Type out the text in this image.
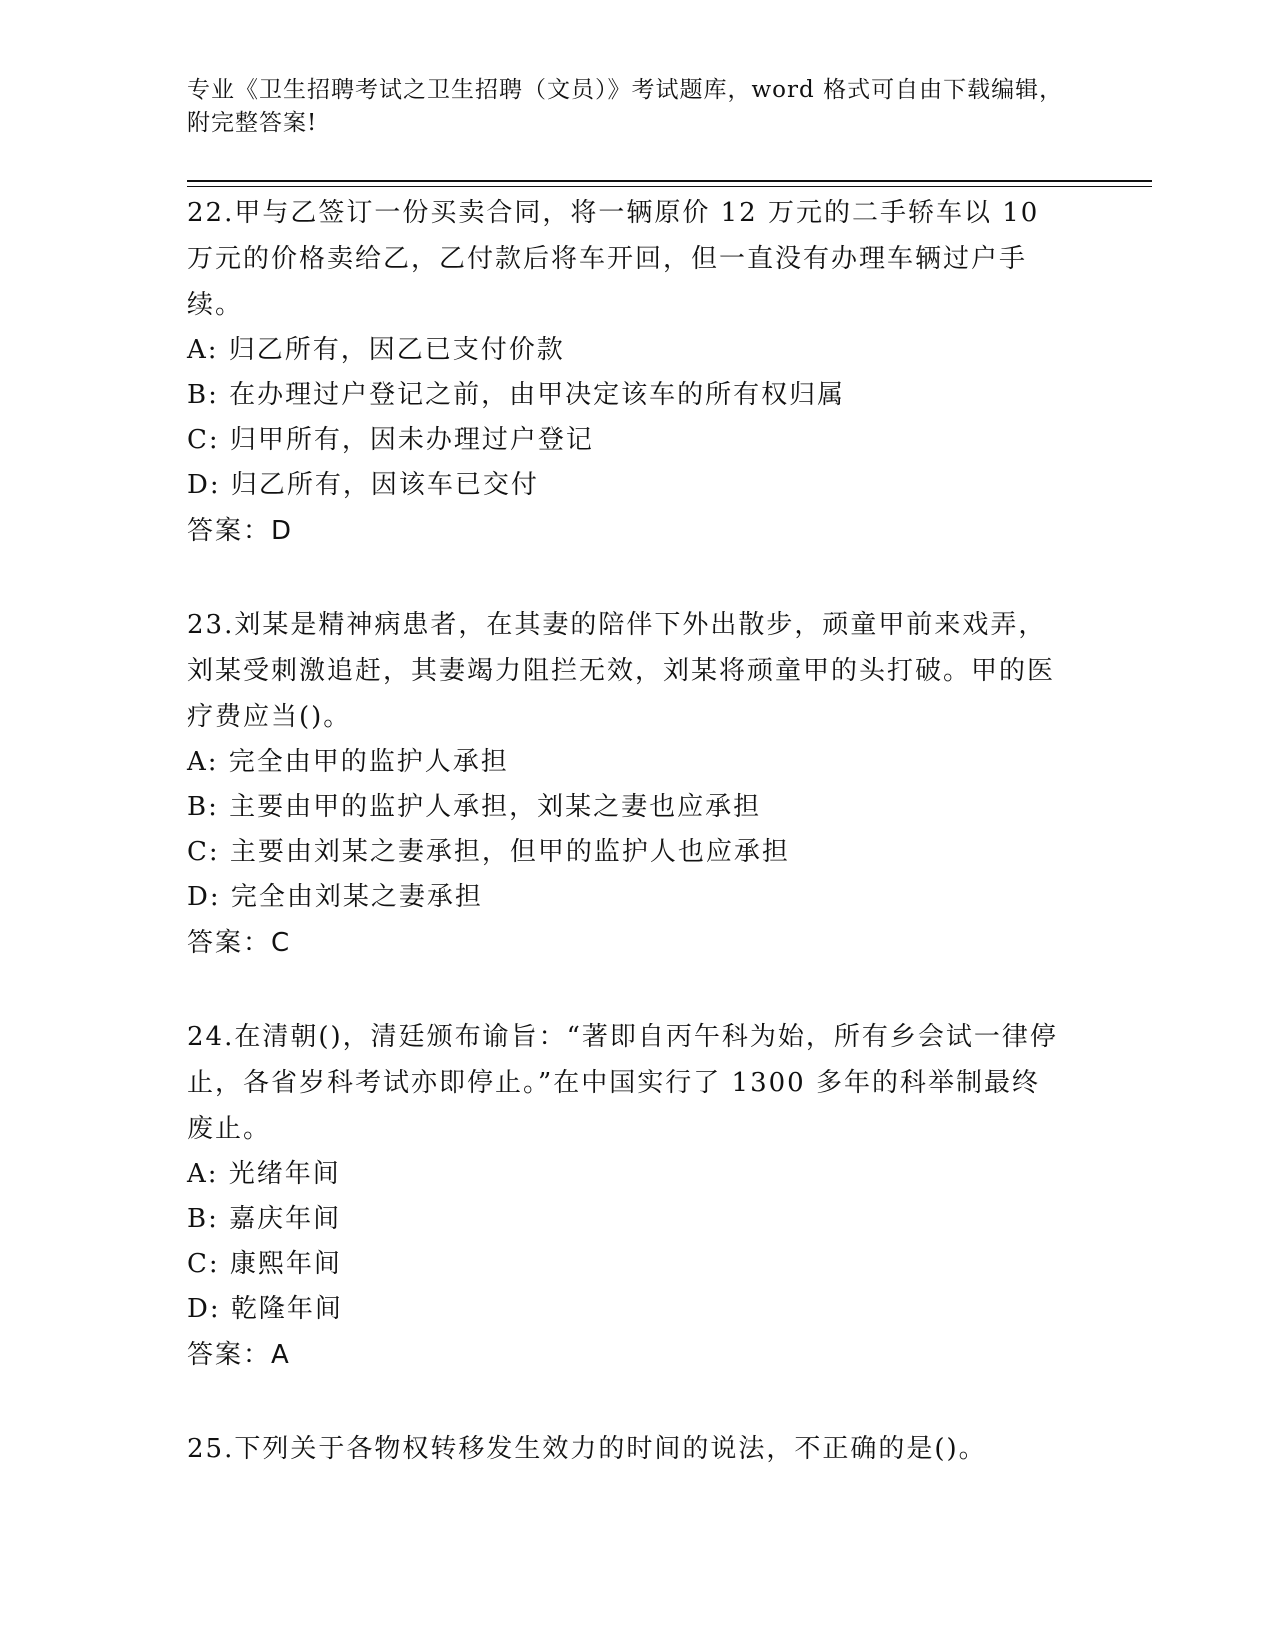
专业《卫生招聘考试之卫生招聘（文员）》考试题库，word 格式可自由下载编辑，附完整答案!

22.甲与乙签订一份买卖合同，将一辆原价 12 万元的二手轿车以 10 万元的价格卖给乙，乙付款后将车开回，但一直没有办理车辆过户手续。

A: 归乙所有，因乙已支付价款

B: 在办理过户登记之前，由甲决定该车的所有权归属

C: 归甲所有，因未办理过户登记

D: 归乙所有，因该车已交付

答案：D

23.刘某是精神病患者，在其妻的陪伴下外出散步，顽童甲前来戏弄，刘某受刺激追赶，其妻竭力阻拦无效，刘某将顽童甲的头打破。甲的医疗费应当()。

A: 完全由甲的监护人承担

B: 主要由甲的监护人承担，刘某之妻也应承担

C: 主要由刘某之妻承担，但甲的监护人也应承担

D: 完全由刘某之妻承担

答案：C

24.在清朝()，清廷颁布谕旨：“著即自丙午科为始，所有乡会试一律停止，各省岁科考试亦即停止。”在中国实行了 1300 多年的科举制最终废止。

A: 光绪年间

B: 嘉庆年间

C: 康熙年间

D: 乾隆年间

答案：A

25.下列关于各物权转移发生效力的时间的说法，不正确的是()。
